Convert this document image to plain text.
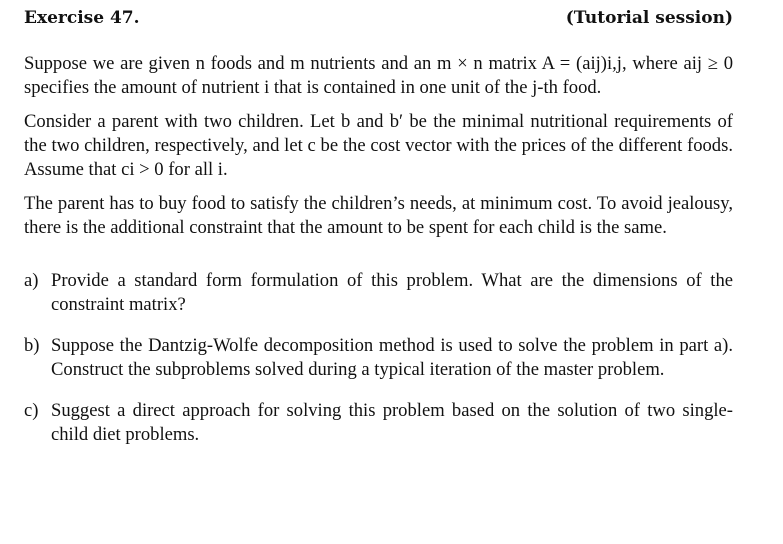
Exercise 47.	(Tutorial session)

Suppose we are given n foods and m nutrients and an m × n matrix A = (aij)i,j, where aij ≥ 0 specifies the amount of nutrient i that is contained in one unit of the j-th food.

Consider a parent with two children. Let b and b′ be the minimal nutritional requirements of the two children, respectively, and let c be the cost vector with the prices of the different foods. Assume that ci > 0 for all i.

The parent has to buy food to satisfy the children’s needs, at minimum cost. To avoid jealousy, there is the additional constraint that the amount to be spent for each child is the same.

a) Provide a standard form formulation of this problem. What are the dimensions of the constraint matrix?
b) Suppose the Dantzig-Wolfe decomposition method is used to solve the problem in part a). Construct the subproblems solved during a typical iteration of the master problem.
c) Suggest a direct approach for solving this problem based on the solution of two single-child diet problems.
